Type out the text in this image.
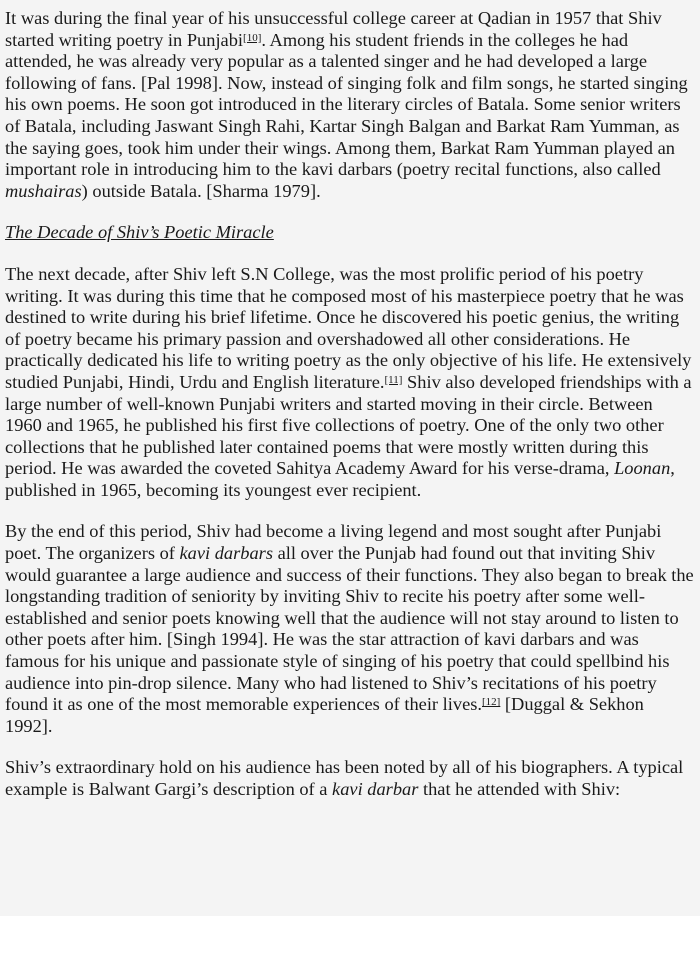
It was during the final year of his unsuccessful college career at Qadian in 1957 that Shiv started writing poetry in Punjabi[10]. Among his student friends in the colleges he had attended, he was already very popular as a talented singer and he had developed a large following of fans. [Pal 1998]. Now, instead of singing folk and film songs, he started singing his own poems. He soon got introduced in the literary circles of Batala. Some senior writers of Batala, including Jaswant Singh Rahi, Kartar Singh Balgan and Barkat Ram Yumman, as the saying goes, took him under their wings. Among them, Barkat Ram Yumman played an important role in introducing him to the kavi darbars (poetry recital functions, also called mushairas) outside Batala. [Sharma 1979].

The Decade of Shiv’s Poetic Miracle

The next decade, after Shiv left S.N College, was the most prolific period of his poetry writing. It was during this time that he composed most of his masterpiece poetry that he was destined to write during his brief lifetime. Once he discovered his poetic genius, the writing of poetry became his primary passion and overshadowed all other considerations. He practically dedicated his life to writing poetry as the only objective of his life. He extensively studied Punjabi, Hindi, Urdu and English literature.[11] Shiv also developed friendships with a large number of well-known Punjabi writers and started moving in their circle. Between 1960 and 1965, he published his first five collections of poetry. One of the only two other collections that he published later contained poems that were mostly written during this period. He was awarded the coveted Sahitya Academy Award for his verse-drama, Loonan, published in 1965, becoming its youngest ever recipient.

By the end of this period, Shiv had become a living legend and most sought after Punjabi poet. The organizers of kavi darbars all over the Punjab had found out that inviting Shiv would guarantee a large audience and success of their functions. They also began to break the longstanding tradition of seniority by inviting Shiv to recite his poetry after some well-established and senior poets knowing well that the audience will not stay around to listen to other poets after him. [Singh 1994]. He was the star attraction of kavi darbars and was famous for his unique and passionate style of singing of his poetry that could spellbind his audience into pin-drop silence. Many who had listened to Shiv’s recitations of his poetry found it as one of the most memorable experiences of their lives.[12] [Duggal & Sekhon 1992].

Shiv’s extraordinary hold on his audience has been noted by all of his biographers. A typical example is Balwant Gargi’s description of a kavi darbar that he attended with Shiv:
